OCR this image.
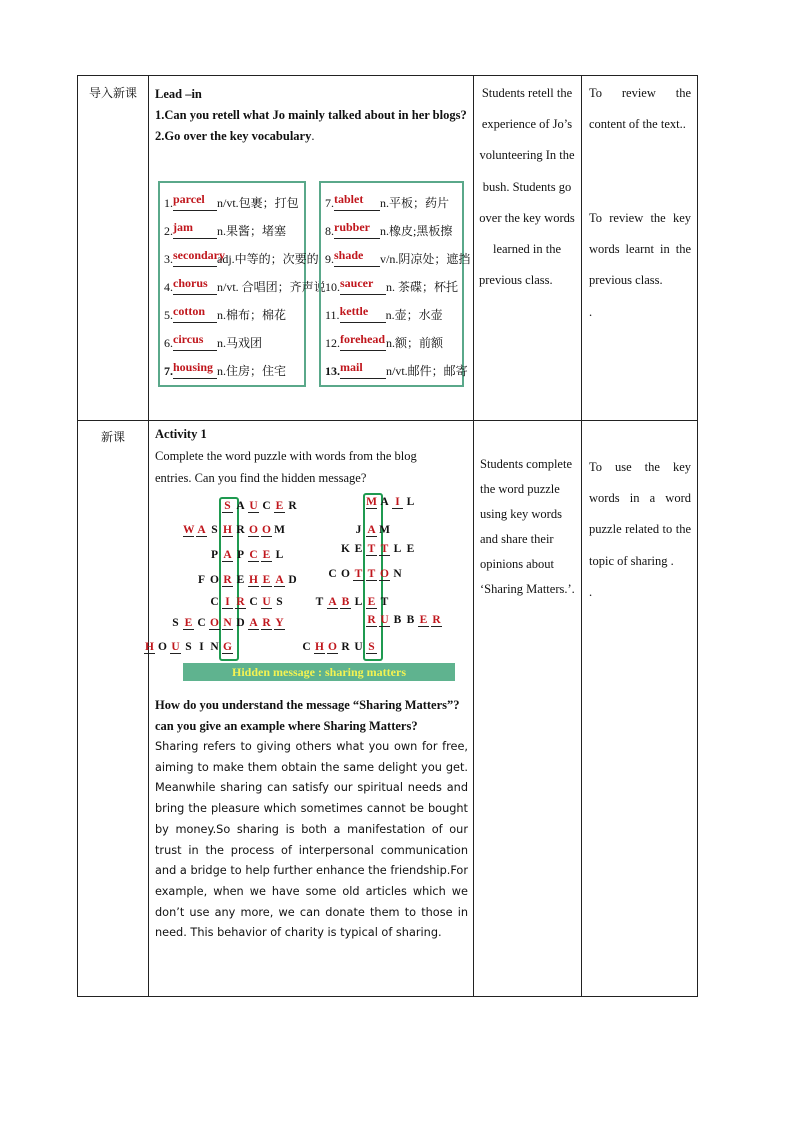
导入新课	Lead –in
1.Can you retell what Jo mainly talked about in her blogs?
2.Go over the key vocabulary.
1.parcel n/vt.包裹；打包
2.jam n.果酱；堵塞
3.secondaryadj.中等的；次要的
4.chorus n/vt. 合唱团；齐声说
5.cotton n.棉布；棉花
6.circus n.马戏团
7.housing n.住房；住宅
7.tablet n.平板；药片
8.rubber n.橡皮;黑板擦
9.shade v/n.阴凉处；遮挡
10.saucer n. 茶碟；杯托
11.kettle n.壶；水壶
12.foreheadn.额；前额
13.mail n/vt.邮件；邮寄
Students retell the experience of Jo’s volunteering In the bush. Students go over the key words learned in the previous class.
To review the content of the text..
To review the key words learnt in the previous class.
.
新课	Activity 1
Complete the word puzzle with words from the blog entries. Can you find the hidden message?
Hidden message : sharing matters
S A U C E R
W A S H R O O M
P A P C E L
F O R E H E A D
C I R C U S
S E C O N D A R Y
H O U S I N G
M A I L
J A M
K E T T L E
C O T T O N
T A B L E T
R U B B E R
C H O R U S
How do you understand the message “Sharing Matters”?can you give an example where Sharing Matters?
Sharing refers to giving others what you own for free, aiming to make them obtain the same delight you get. Meanwhile sharing can satisfy our spiritual needs and bring the pleasure which sometimes cannot be bought by money.So sharing is both a manifestation of our trust in the process of interpersonal communication and a bridge to help further enhance the friendship.For example, when we have some old articles which we don’t use any more, we can donate them to those in need. This behavior of charity is typical of sharing.
Students complete the word puzzle using key words and share their opinions about ‘Sharing Matters.’.
To use the key words in a word puzzle related to the topic of sharing .
.
